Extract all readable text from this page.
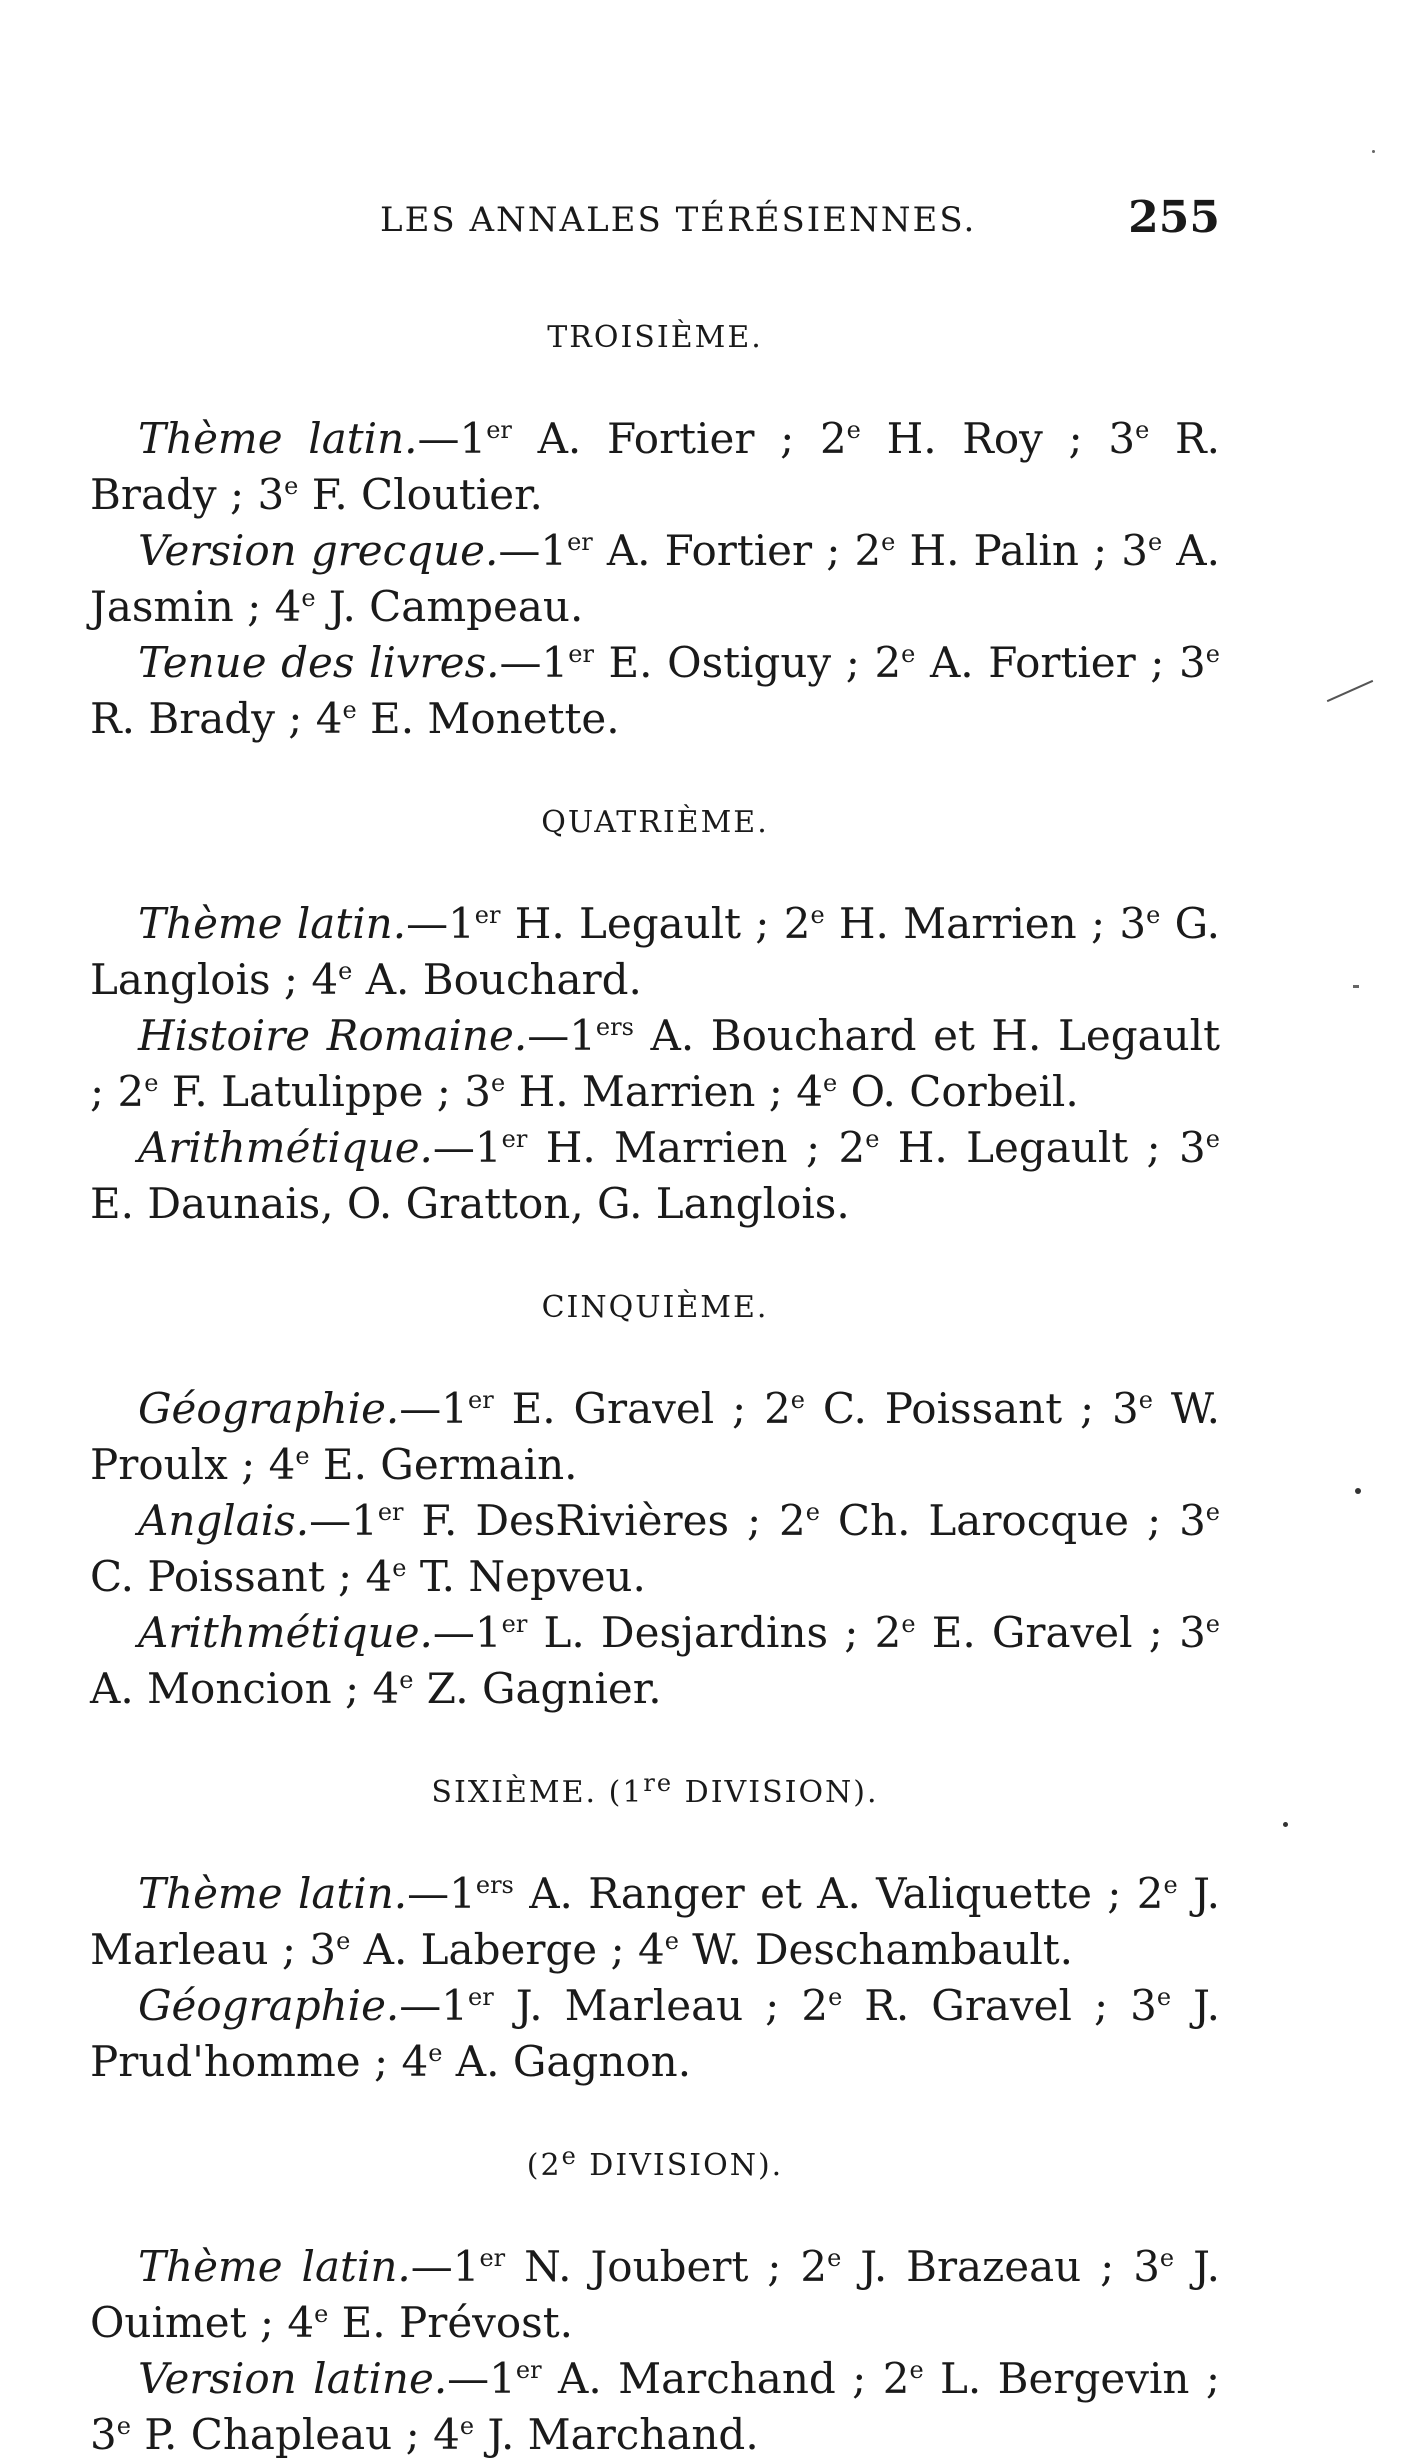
LES ANNALES TÉRÉSIENNES.	255
TROISIÈME.

Thème latin.—1er A. Fortier ; 2e H. Roy ; 3e R. Brady ; 3e F. Cloutier.

Version grecque.—1er A. Fortier ; 2e H. Palin ; 3e A. Jasmin ; 4e J. Campeau.

Tenue des livres.—1er E. Ostiguy ; 2e A. Fortier ; 3e R. Brady ; 4e E. Monette.

QUATRIÈME.

Thème latin.—1er H. Legault ; 2e H. Marrien ; 3e G. Langlois ; 4e A. Bouchard.

Histoire Romaine.—1ers A. Bouchard et H. Legault ; 2e F. Latulippe ; 3e H. Marrien ; 4e O. Corbeil.

Arithmétique.—1er H. Marrien ; 2e H. Legault ; 3e E. Daunais, O. Gratton, G. Langlois.

CINQUIÈME.

Géographie.—1er E. Gravel ; 2e C. Poissant ; 3e W. Proulx ; 4e E. Germain.

Anglais.—1er F. DesRivières ; 2e Ch. Larocque ; 3e C. Poissant ; 4e T. Nepveu.

Arithmétique.—1er L. Desjardins ; 2e E. Gravel ; 3e A. Moncion ; 4e Z. Gagnier.

SIXIÈME. (1re DIVISION).

Thème latin.—1ers A. Ranger et A. Valiquette ; 2e J. Marleau ; 3e A. Laberge ; 4e W. Deschambault.

Géographie.—1er J. Marleau ; 2e R. Gravel ; 3e J. Prud'homme ; 4e A. Gagnon.

(2e DIVISION).

Thème latin.—1er N. Joubert ; 2e J. Brazeau ; 3e J. Ouimet ; 4e E. Prévost.

Version latine.—1er A. Marchand ; 2e L. Bergevin ; 3e P. Chapleau ; 4e J. Marchand.
